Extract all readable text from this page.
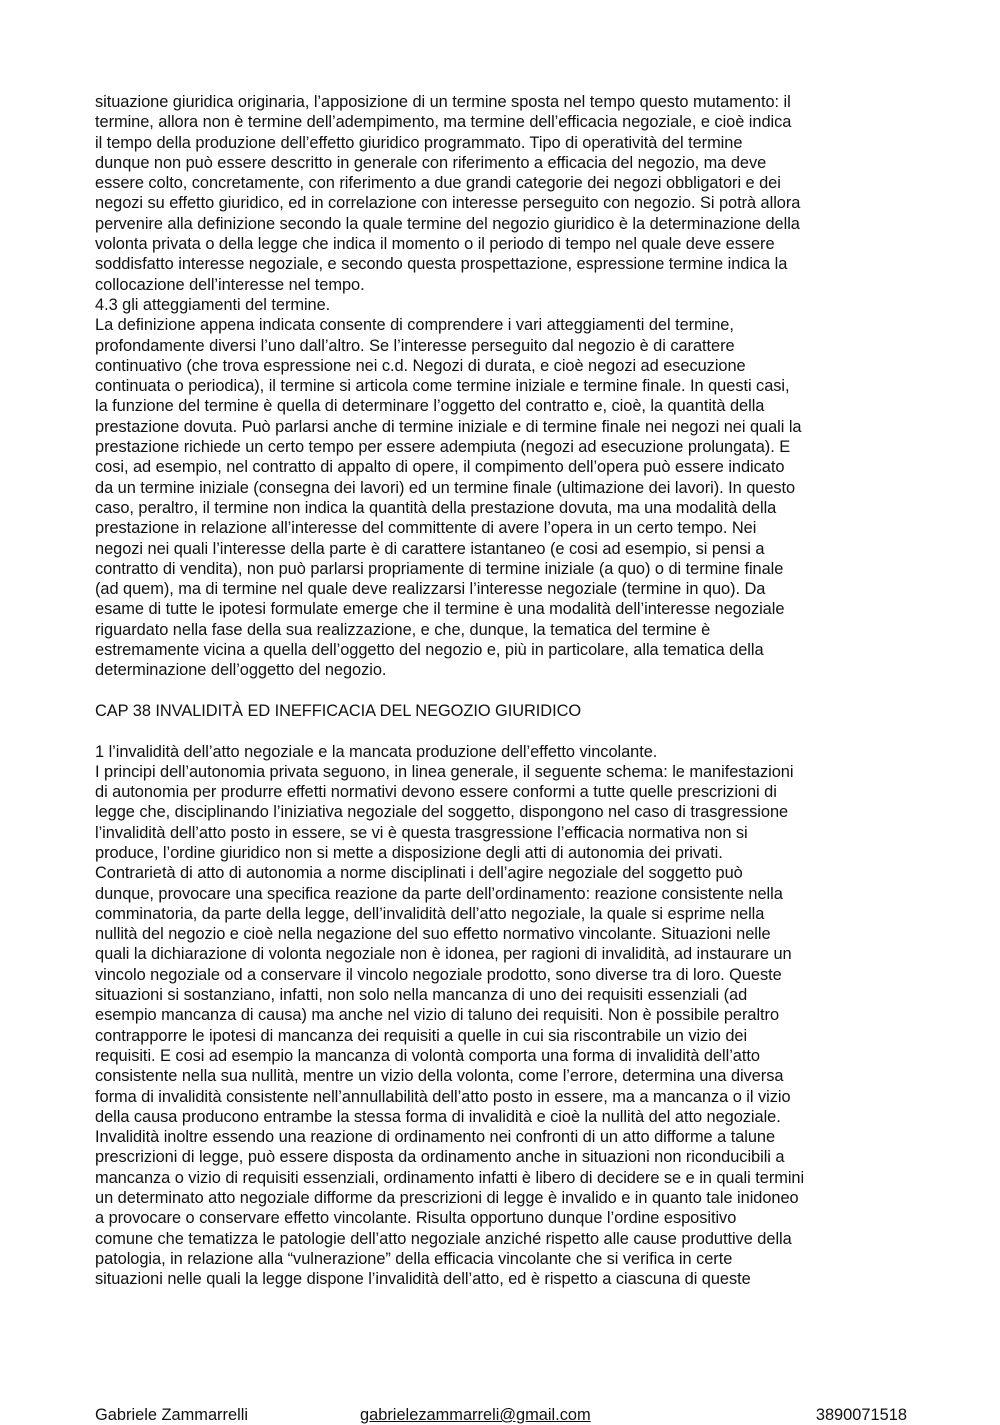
situazione giuridica originaria, l’apposizione di un termine sposta nel tempo questo mutamento: il
termine, allora non è termine dell’adempimento, ma termine dell’efficacia negoziale, e cioè indica
il tempo della produzione dell’effetto giuridico programmato. Tipo di operatività del termine
dunque non può essere descritto in generale con riferimento a efficacia del negozio, ma deve
essere colto, concretamente, con riferimento a due grandi categorie dei negozi obbligatori e dei
negozi su effetto giuridico, ed in correlazione con interesse perseguito con negozio. Si potrà allora
pervenire alla definizione secondo la quale termine del negozio giuridico è la determinazione della
volonta privata o della legge che indica il momento o il periodo di tempo nel quale deve essere
soddisfatto interesse negoziale, e secondo questa prospettazione, espressione termine indica la
collocazione dell’interesse nel tempo.
4.3 gli atteggiamenti del termine.
La definizione appena indicata consente di comprendere i vari atteggiamenti del termine,
profondamente diversi l’uno dall’altro. Se l’interesse perseguito dal negozio è di carattere
continuativo (che trova espressione nei c.d. Negozi di durata, e cioè negozi ad esecuzione
continuata o periodica), il termine si articola come termine iniziale e termine finale. In questi casi,
la funzione del termine è quella di determinare l’oggetto del contratto e, cioè, la quantità della
prestazione dovuta. Può parlarsi anche di termine iniziale e di termine finale nei negozi nei quali la
prestazione richiede un certo tempo per essere adempiuta (negozi ad esecuzione prolungata). E
cosi, ad esempio, nel contratto di appalto di opere, il compimento dell’opera può essere indicato
da un termine iniziale (consegna dei lavori) ed un termine finale (ultimazione dei lavori). In questo
caso, peraltro, il termine non indica la quantità della prestazione dovuta, ma una modalità della
prestazione in relazione all’interesse del committente di avere l’opera in un certo tempo. Nei
negozi nei quali l’interesse della parte è di carattere istantaneo (e cosi ad esempio, si pensi a
contratto di vendita), non può parlarsi propriamente di termine iniziale (a quo) o di termine finale
(ad quem), ma di termine nel quale deve realizzarsi l’interesse negoziale (termine in quo). Da
esame di tutte le ipotesi formulate emerge che il termine è una modalità dell’interesse negoziale
riguardato nella fase della sua realizzazione, e che, dunque, la tematica del termine è
estremamente vicina a quella dell’oggetto del negozio e, più in particolare, alla tematica della
determinazione dell’oggetto del negozio.
CAP 38 INVALIDITÀ ED INEFFICACIA DEL NEGOZIO GIURIDICO
1 l’invalidità dell’atto negoziale e la mancata produzione dell’effetto vincolante.
I principi dell’autonomia privata seguono, in linea generale, il seguente schema: le manifestazioni
di autonomia per produrre effetti normativi devono essere conformi a tutte quelle prescrizioni di
legge che, disciplinando l’iniziativa negoziale del soggetto, dispongono nel caso di trasgressione
l’invalidità dell’atto posto in essere, se vi è questa trasgressione l’efficacia normativa non si
produce, l’ordine giuridico non si mette a disposizione degli atti di autonomia dei privati.
Contrarietà di atto di autonomia a norme disciplinati i dell’agire negoziale del soggetto può
dunque, provocare una specifica reazione da parte dell’ordinamento: reazione consistente nella
comminatoria, da parte della legge, dell’invalidità dell’atto negoziale, la quale si esprime nella
nullità del negozio e cioè nella negazione del suo effetto normativo vincolante. Situazioni nelle
quali la dichiarazione di volonta negoziale non è idonea, per ragioni di invalidità, ad instaurare un
vincolo negoziale od a conservare il vincolo negoziale prodotto, sono diverse tra di loro. Queste
situazioni si sostanziano, infatti, non solo nella mancanza di uno dei requisiti essenziali (ad
esempio mancanza di causa) ma anche nel vizio di taluno dei requisiti. Non è possibile peraltro
contrapporre le ipotesi di mancanza dei requisiti a quelle in cui sia riscontrabile un vizio dei
requisiti. E cosi ad esempio la mancanza di volontà comporta una forma di invalidità dell’atto
consistente nella sua nullità, mentre un vizio della volonta, come l’errore, determina una diversa
forma di invalidità consistente nell’annullabilità dell’atto posto in essere, ma a mancanza o il vizio
della causa producono entrambe la stessa forma di invalidità e cioè la nullità del atto negoziale.
Invalidità inoltre essendo una reazione di ordinamento nei confronti di un atto difforme a talune
prescrizioni di legge, può essere disposta da ordinamento anche in situazioni non riconducibili a
mancanza o vizio di requisiti essenziali, ordinamento infatti è libero di decidere se e in quali termini
un determinato atto negoziale difforme da prescrizioni di legge è invalido e in quanto tale inidoneo
a provocare o conservare effetto vincolante. Risulta opportuno dunque l’ordine espositivo
comune che tematizza le patologie dell’atto negoziale anziché rispetto alle cause produttive della
patologia, in relazione alla “vulnerazione” della efficacia vincolante che si verifica in certe
situazioni nelle quali la legge dispone l’invalidità dell’atto, ed è rispetto a ciascuna di queste
Gabriele Zammarrelli	gabrielezammarreli@gmail.com	3890071518
